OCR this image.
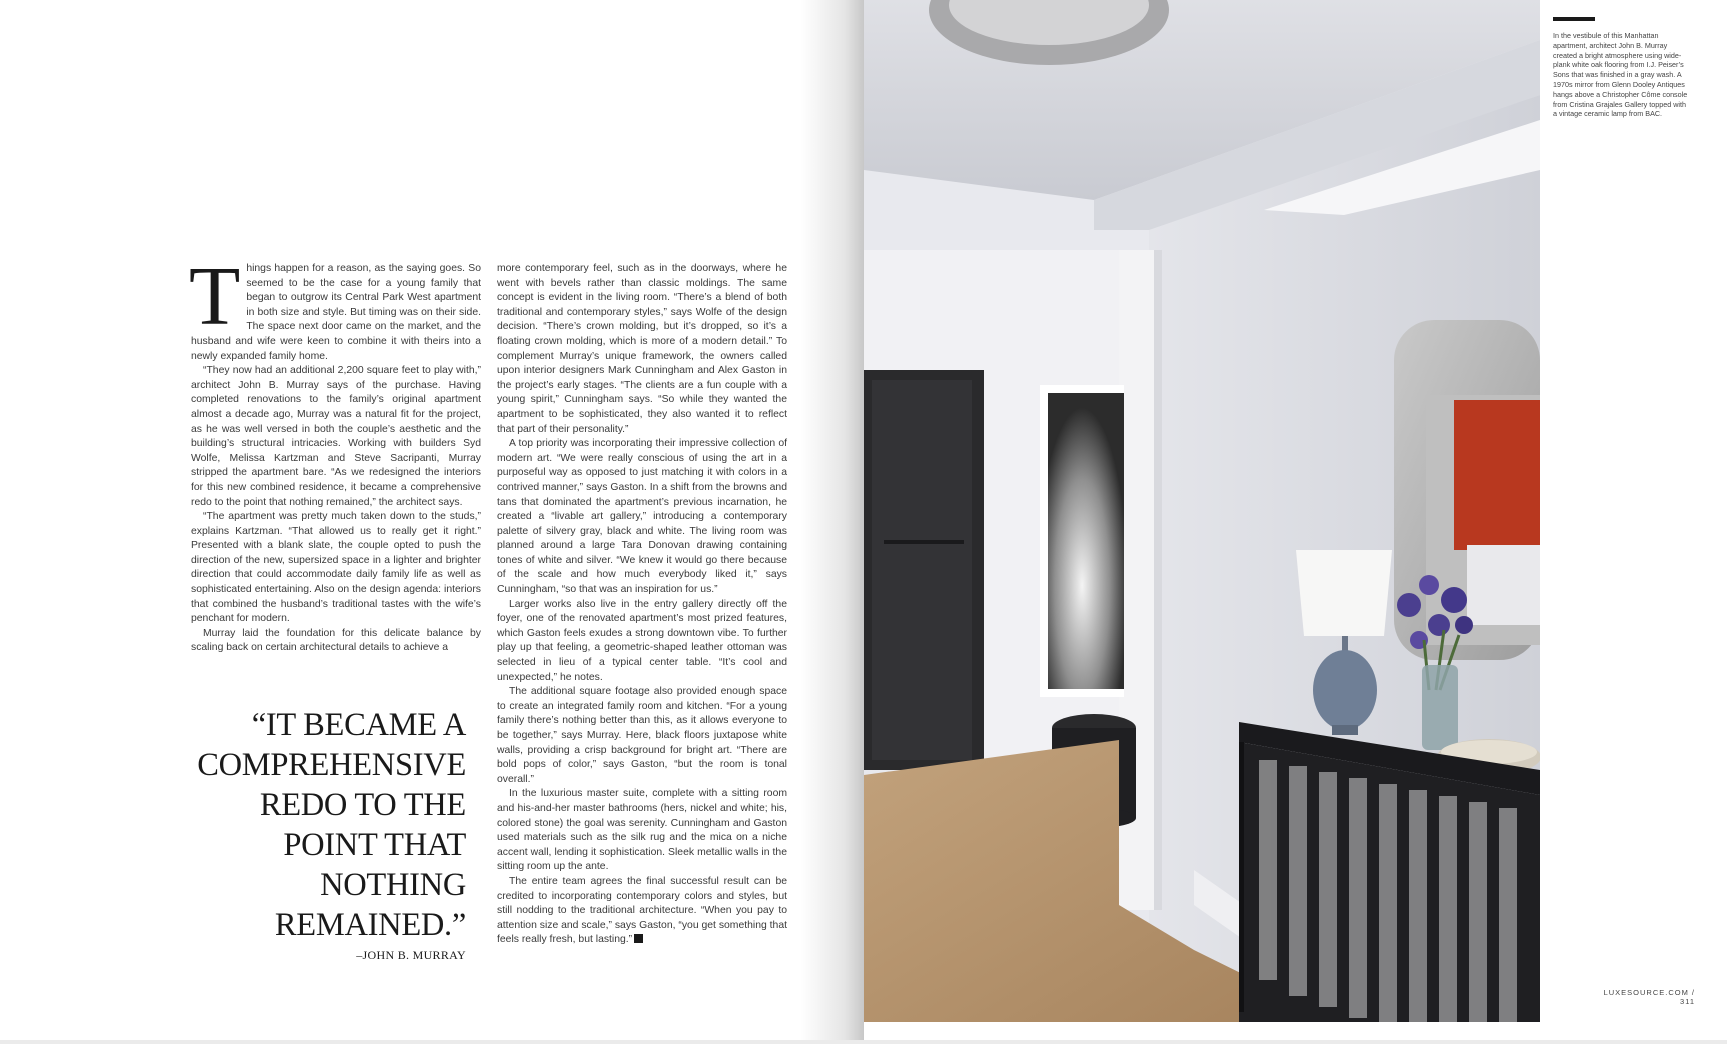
Things happen for a reason, as the saying goes. So seemed to be the case for a young family that began to outgrow its Central Park West apartment in both size and style. But timing was on their side. The space next door came on the market, and the husband and wife were keen to combine it with theirs into a newly expanded family home.

“They now had an additional 2,200 square feet to play with,” architect John B. Murray says of the purchase. Having completed renovations to the family’s original apartment almost a decade ago, Murray was a natural fit for the project, as he was well versed in both the couple’s aesthetic and the building’s structural intricacies. Working with builders Syd Wolfe, Melissa Kartzman and Steve Sacripanti, Murray stripped the apartment bare. “As we redesigned the interiors for this new combined residence, it became a comprehensive redo to the point that nothing remained,” the architect says.

“The apartment was pretty much taken down to the studs,” explains Kartzman. “That allowed us to really get it right.” Presented with a blank slate, the couple opted to push the direction of the new, supersized space in a lighter and brighter direction that could accommodate daily family life as well as sophisticated entertaining. Also on the design agenda: interiors that combined the husband’s traditional tastes with the wife’s penchant for modern.

Murray laid the foundation for this delicate balance by scaling back on certain architectural details to achieve a

more contemporary feel, such as in the doorways, where he went with bevels rather than classic moldings. The same concept is evident in the living room. “There’s a blend of both traditional and contemporary styles,” says Wolfe of the design decision. “There’s crown molding, but it’s dropped, so it’s a floating crown molding, which is more of a modern detail.” To complement Murray’s unique framework, the owners called upon interior designers Mark Cunningham and Alex Gaston in the project’s early stages. “The clients are a fun couple with a young spirit,” Cunningham says. “So while they wanted the apartment to be sophisticated, they also wanted it to reflect that part of their personality.”

A top priority was incorporating their impressive collection of modern art. “We were really conscious of using the art in a purposeful way as opposed to just matching it with colors in a contrived manner,” says Gaston. In a shift from the browns and tans that dominated the apartment’s previous incarnation, he created a “livable art gallery,” introducing a contemporary palette of silvery gray, black and white. The living room was planned around a large Tara Donovan drawing containing tones of white and silver. “We knew it would go there because of the scale and how much everybody liked it,” says Cunningham, “so that was an inspiration for us.”

Larger works also live in the entry gallery directly off the foyer, one of the renovated apartment’s most prized features, which Gaston feels exudes a strong downtown vibe. To further play up that feeling, a geometric-shaped leather ottoman was selected in lieu of a typical center table. “It’s cool and unexpected,” he notes.

The additional square footage also provided enough space to create an integrated family room and kitchen. “For a young family there’s nothing better than this, as it allows everyone to be together,” says Murray. Here, black floors juxtapose white walls, providing a crisp background for bright art. “There are bold pops of color,” says Gaston, “but the room is tonal overall.”

In the luxurious master suite, complete with a sitting room and his-and-her master bathrooms (hers, nickel and white; his, colored stone) the goal was serenity. Cunningham and Gaston used materials such as the silk rug and the mica on a niche accent wall, lending it sophistication. Sleek metallic walls in the sitting room up the ante.

The entire team agrees the final successful result can be credited to incorporating contemporary colors and styles, but still nodding to the traditional architecture. “When you pay to attention size and scale,” says Gaston, “you get something that feels really fresh, but lasting.”

“IT BECAME A COMPREHENSIVE REDO TO THE POINT THAT NOTHING REMAINED.”
–JOHN B. MURRAY
In the vestibule of this Manhattan apartment, architect John B. Murray created a bright atmosphere using wide-plank white oak flooring from I.J. Peiser’s Sons that was finished in a gray wash. A 1970s mirror from Glenn Dooley Antiques hangs above a Christopher Côme console from Cristina Grajales Gallery topped with a vintage ceramic lamp from BAC.
LUXESOURCE.COM / 311
